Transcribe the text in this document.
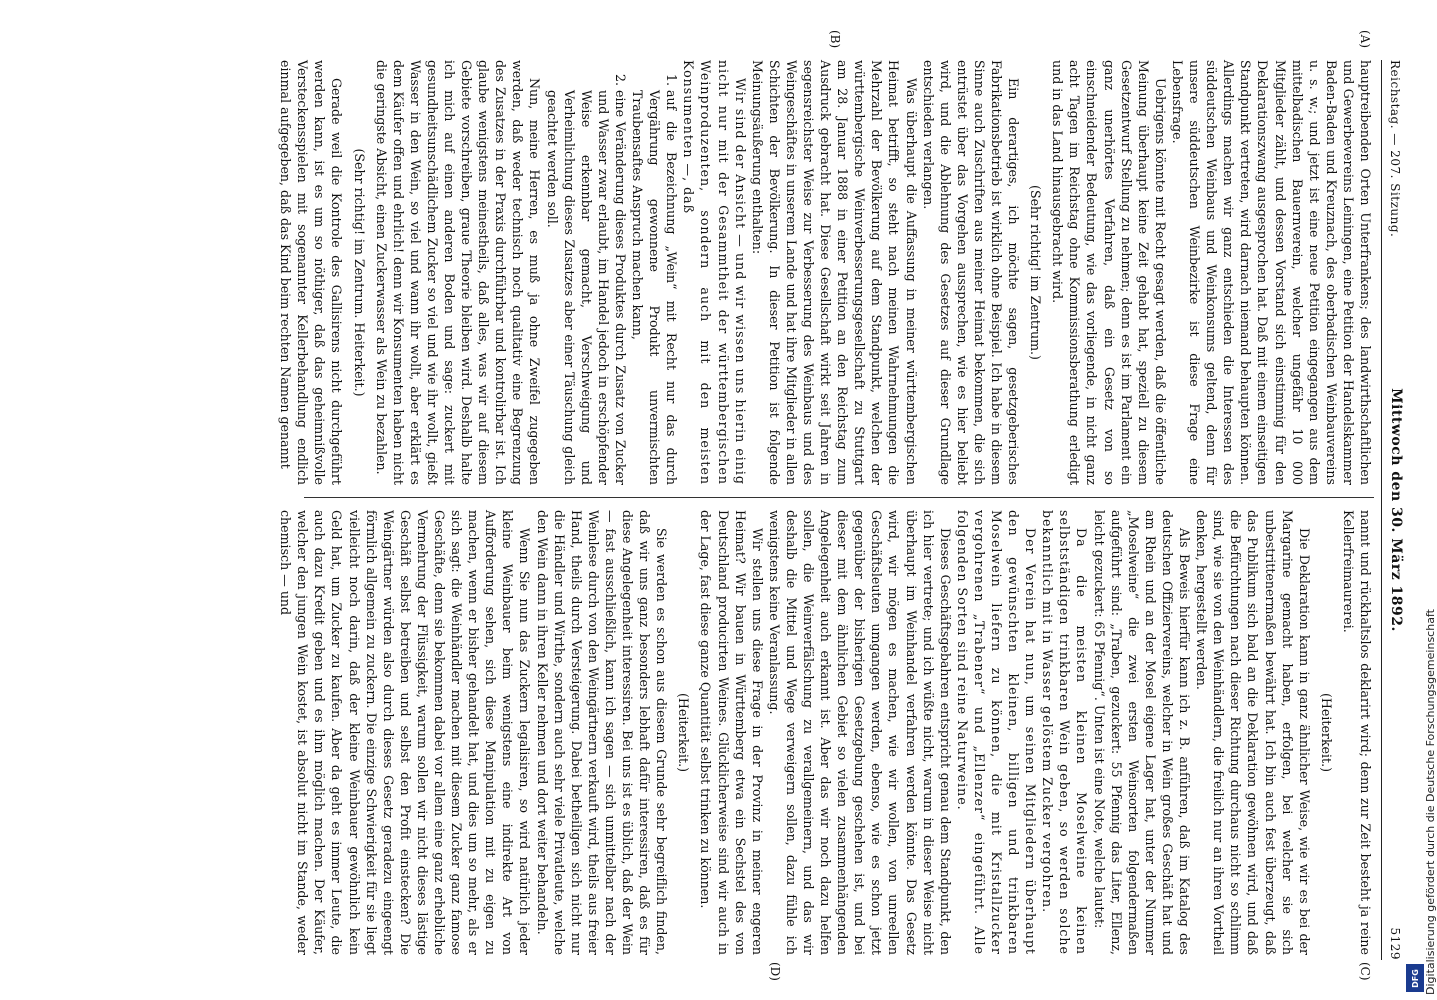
Reichstag. — 207. Sitzung.
Mittwoch den 30. März 1892.
5129
(A)
(B)
(C)
(D)

hauptreibenden Orten Unterfrankens; des landwirthschaftlichen und Gewerbevereins Leiningen, eine Petition der Handelskammer Baden-Baden und Kreuznach, des oberbadischen Weinbauvereins u. s. w.; und jetzt ist eine neue Petition eingegangen aus dem mittelbadischen Bauernverein, welcher ungefähr 10 000 Mitglieder zählt, und dessen Vorstand sich einstimmig für den Deklarationszwang ausgesprochen hat. Daß mit einem einseitigen Standpunkt vertreten, wird darnach niemand behaupten können. Allerdings machen wir ganz entschieden die Interessen des süddeutschen Weinbaus und Weinkonsums geltend, denn für unsere süddeutschen Weinbezirke ist diese Frage eine Lebensfrage.

Uebrigens könnte mit Recht gesagt werden, daß die öffentliche Meinung überhaupt keine Zeit gehabt hat, speziell zu diesem Gesetzentwurf Stellung zu nehmen; denn es ist im Parlament ein ganz unerhörtes Verfahren, daß ein Gesetz von so einschneidender Bedeutung, wie das vorliegende, in nicht ganz acht Tagen im Reichstag ohne Kommissionsberathung erledigt und in das Land hinausgebracht wird.

(Sehr richtig! im Zentrum.)

Ein derartiges, ich möchte sagen, gesetzgeberisches Fabrikationsbetrieb ist wirklich ohne Beispiel. Ich habe in diesem Sinne auch Zuschriften aus meiner Heimat bekommen, die sich entrüstet über das Vorgehen aussprechen, wie es hier beliebt wird, und die Ablehnung des Gesetzes auf dieser Grundlage entschieden verlangen.

Was überhaupt die Auffassung in meiner württembergischen Heimat betrifft, so steht nach meinen Wahrnehmungen die Mehrzahl der Bevölkerung auf dem Standpunkt, welchen der württembergische Weinverbesserungsgesellschaft zu Stuttgart am 28. Januar 1888 in einer Petition an den Reichstag zum Ausdruck gebracht hat. Diese Gesellschaft wirkt seit Jahren in segensreichster Weise zur Verbesserung des Weinbaus und des Weingeschäftes in unserem Lande und hat ihre Mitglieder in allen Schichten der Bevölkerung. In dieser Petition ist folgende Meinungsäußerung enthalten:

Wir sind der Ansicht — und wir wissen uns hierin einig nicht nur mit der Gesammtheit der württembergischen Weinproduzenten, sondern auch mit den meisten Konsumenten —, daß

1. auf die Bezeichnung „Wein“ mit Recht nur das durch Vergährung gewonnene Produkt unvermischten Traubensaftes Anspruch machen kann,
2. eine Veränderung dieses Produktes durch Zusatz von Zucker und Wasser zwar erlaubt, im Handel jedoch in erschöpfender Weise erkennbar gemacht, Verschweigung und Verheimlichung dieses Zusatzes aber einer Täuschung gleich geachtet werden soll.

Nun, meine Herren, es muß ja ohne Zweifel zugegeben werden, daß weder technisch noch qualitativ eine Begrenzung des Zusatzes in der Praxis durchführbar und kontrolirbar ist. Ich glaube wenigstens meinestheils, daß alles, was wir auf diesem Gebiete vorschreiben, graue Theorie bleiben wird. Deshalb halte ich mich auf einen anderen Boden und sage: zuckert mit gesundheitsunschädlichem Zucker so viel und wie ihr wollt, gießt Wasser in den Wein, so viel und wann ihr wollt, aber erklärt es dem Käufer offen und ehrlich! denn wir Konsumenten haben nicht die geringste Absicht, einen Zuckerwasser als Wein zu bezahlen.

(Sehr richtig! im Zentrum. Heiterkeit.)

Gerade weil die Kontrole des Gallisirens nicht durchgeführt werden kann, ist es um so nöthiger, daß das geheimnißvolle Versteckensspielen mit sogenannter Kellerbehandlung endlich einmal aufgegeben, daß das Kind beim rechten Namen genannt

nannt und rückhaltslos deklarirt wird; denn zur Zeit besteht ja reine Kellerfreimaurerei.

(Heiterkeit.)

Die Deklaration kann in ganz ähnlicher Weise, wie wir es bei der Margarine gemacht haben, erfolgen, bei welcher sie sich unbestrittenermaßen bewährt hat. Ich bin auch fest überzeugt, daß das Publikum sich bald an die Deklaration gewöhnen wird, und daß die Befürchtungen nach dieser Richtung durchaus nicht so schlimm sind, wie sie von den Weinhändlern, die freilich nur an ihren Vortheil denken, hergestellt werden.

Als Beweis hierfür kann ich z. B. anführen, daß im Katalog des deutschen Offiziervereins, welcher in Wein großes Geschäft hat und am Rhein und an der Mosel eigene Lager hat, unter der Nummer „Moselweine“ die zwei ersten Weinsorten folgendermaßen aufgeführt sind: „Traben, gezuckert: 55 Pfennig das Liter, Ellenz, leicht gezuckert: 65 Pfennig“. Unten ist eine Note, welche lautet:

Da die meisten kleinen Moselweine keinen selbstständigen trinkbaren Wein geben, so werden solche bekanntlich mit in Wasser gelöstem Zucker vergohren.

Der Verein hat nun, um seinen Mitgliedern überhaupt den gewünschten kleinen, billigen und trinkbaren Moselwein liefern zu können, die mit Kristallzucker vergohrenen „Trabener“ und „Ellenzer“ eingeführt. Alle folgenden Sorten sind reine Naturweine.

Dieses Geschäftsgebahren entspricht genau dem Standpunkt, den ich hier vertrete; und ich wüßte nicht, warum in dieser Weise nicht überhaupt im Weinhandel verfahren werden könnte. Das Gesetz wird, wir mögen es machen, wie wir wollen, von unreellen Geschäftsleuten umgangen werden, ebenso, wie es schon jetzt gegenüber der bisherigen Gesetzgebung geschehen ist, und bei dieser mit dem ähnlichen Gebiet so vielen zusammenhängenden Angelegenheit auch erkannt ist. Aber das wir noch dazu helfen sollen, die Weinverfälschung zu verallgemeinern, und das wir deshalb die Mittel und Wege verweigern sollen, dazu fühle ich wenigstens keine Veranlassung.

Wir stellen uns diese Frage in der Provinz in meiner engeren Heimat? Wir bauen in Württemberg etwa ein Sechstel des von Deutschland producirten Weines. Glücklicherweise sind wir auch in der Lage, fast diese ganze Quantität selbst trinken zu können.

(Heiterkeit.)

Sie werden es schon aus diesem Grunde sehr begreiflich finden, daß wir uns ganz besonders lebhaft dafür interessiren, daß es für diese Angelegenheit interessiren. Bei uns ist es üblich, daß der Wein — fast ausschließlich, kann ich sagen — sich unmittelbar nach der Weinlese durch von den Weingärtnern verkauft wird, theils aus freier Hand, theils durch Versteigerung. Dabei betheiligen sich nicht nur die Händler und Wirthe, sondern auch sehr viele Privatleute, welche den Wein dann in ihren Keller nehmen und dort weiter behandeln.

Wenn Sie nun das Zuckern legalisiren, so wird natürlich jeder kleine Weinbauer beim wenigstens eine indirekte Art von Aufforderung sehen, sich diese Manipulation mit zu eigen zu machen, wenn er bisher gehandelt hat, und dies um so mehr, als er sich sagt: die Weinhändler machen mit diesem Zucker ganz famose Geschäfte, denn sie bekommen dabei vor allem eine ganz erhebliche Vermehrung der Flüssigkeit, warum sollen wir nicht dieses lästige Geschäft selbst betreiben und selbst den Profit einstecken? Die Weingärtner würden also durch dieses Gesetz geradezu eingeengt förmlich allgemein zu zuckern. Die einzige Schwierigkeit für sie liegt vielleicht noch darin, daß der kleine Weinbauer gewöhnlich kein Geld hat, um Zucker zu kaufen. Aber da geht es immer Leute, die auch dazu Kredit geben und es ihm möglich machen. Der Käufer, welcher den jungen Wein kostet, ist absolut nicht im Stande, weder chemisch — und

Digitalisierung gefördert durch die Deutsche Forschungsgemeinschaft
DFG
